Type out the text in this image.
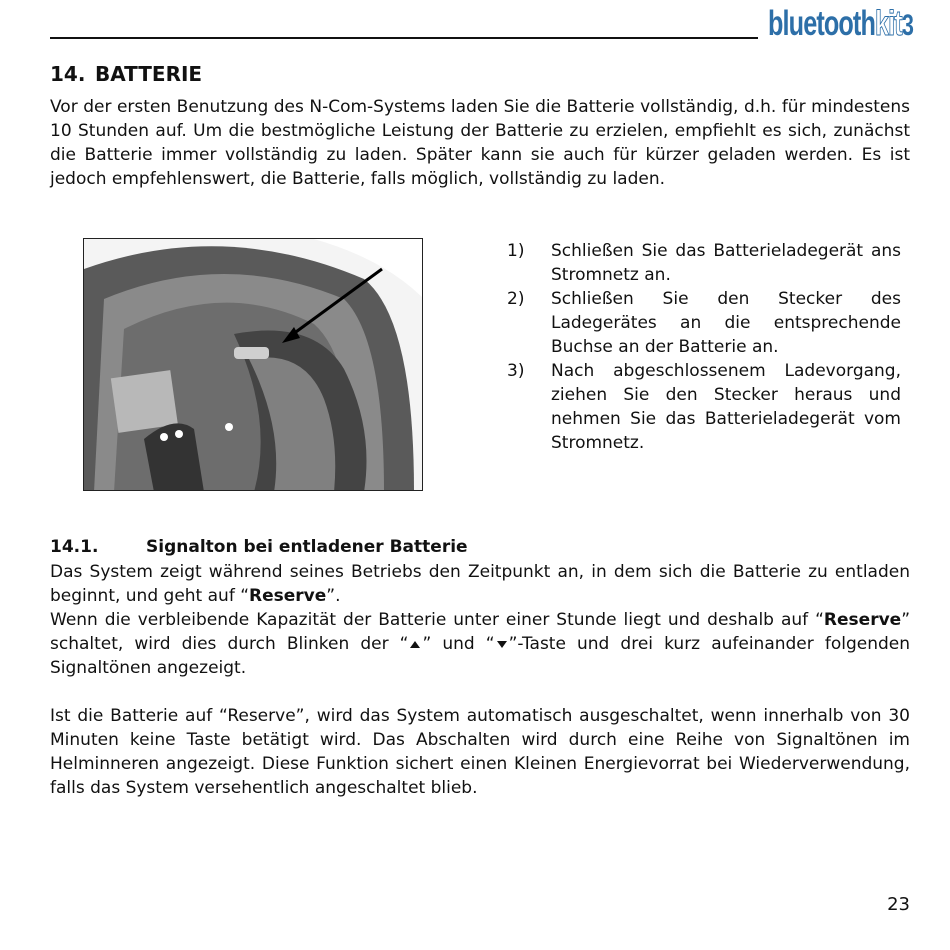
bluetoothkit3
14. BATTERIE

Vor der ersten Benutzung des N-Com-Systems laden Sie die Batterie vollständig, d.h. für mindestens 10 Stunden auf. Um die bestmögliche Leistung der Batterie zu erzielen, empfiehlt es sich, zunächst die Batterie immer vollständig zu laden. Später kann sie auch für kürzer geladen werden. Es ist jedoch empfehlenswert, die Batterie, falls möglich, vollständig zu laden.

1) Schließen Sie das Batterieladegerät ans Stromnetz an.
2) Schließen Sie den Stecker des Ladegerätes an die entsprechende Buchse an der Batterie an.
3) Nach abgeschlossenem Ladevorgang, ziehen Sie den Stecker heraus und nehmen Sie das Batterieladegerät vom Stromnetz.
14.1.	Signalton bei entladener Batterie

Das System zeigt während seines Betriebs den Zeitpunkt an, in dem sich die Batterie zu entladen beginnt, und geht auf “Reserve”.

Wenn die verbleibende Kapazität der Batterie unter einer Stunde liegt und deshalb auf “Reserve” schaltet, wird dies durch Blinken der “ ” und “ ”-Taste und drei kurz aufeinander folgenden Signaltönen angezeigt.

Ist die Batterie auf “Reserve”, wird das System automatisch ausgeschaltet, wenn innerhalb von 30 Minuten keine Taste betätigt wird. Das Abschalten wird durch eine Reihe von Signaltönen im Helminneren angezeigt. Diese Funktion sichert einen Kleinen Energievorrat bei Wiederverwendung, falls das System versehentlich angeschaltet blieb.

23
